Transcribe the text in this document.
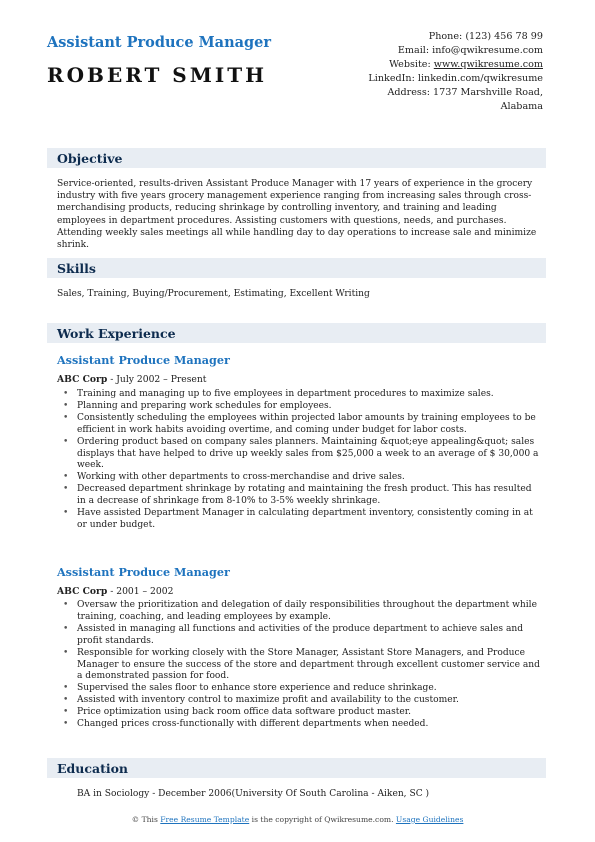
Assistant Produce Manager
ROBERT SMITH
Phone: (123) 456 78 99
Email: info@qwikresume.com
Website: www.qwikresume.com
LinkedIn: linkedin.com/qwikresume
Address: 1737 Marshville Road,
Alabama
Objective
Service-oriented, results-driven Assistant Produce Manager with 17 years of experience in the grocery industry with five years grocery management experience ranging from increasing sales through cross-merchandising products, reducing shrinkage by controlling inventory, and training and leading employees in department procedures. Assisting customers with questions, needs, and purchases. Attending weekly sales meetings all while handling day to day operations to increase sale and minimize shrink.
Skills
Sales, Training, Buying/Procurement, Estimating, Excellent Writing
Work Experience
Assistant Produce Manager
ABC Corp - July 2002 – Present
• Training and managing up to five employees in department procedures to maximize sales.
• Planning and preparing work schedules for employees.
• Consistently scheduling the employees within projected labor amounts by training employees to be efficient in work habits avoiding overtime, and coming under budget for labor costs.
• Ordering product based on company sales planners. Maintaining &quot;eye appealing&quot; sales displays that have helped to drive up weekly sales from $25,000 a week to an average of $ 30,000 a week.
• Working with other departments to cross-merchandise and drive sales.
• Decreased department shrinkage by rotating and maintaining the fresh product. This has resulted in a decrease of shrinkage from 8-10% to 3-5% weekly shrinkage.
• Have assisted Department Manager in calculating department inventory, consistently coming in at or under budget.
Assistant Produce Manager
ABC Corp - 2001 – 2002
• Oversaw the prioritization and delegation of daily responsibilities throughout the department while training, coaching, and leading employees by example.
• Assisted in managing all functions and activities of the produce department to achieve sales and profit standards.
• Responsible for working closely with the Store Manager, Assistant Store Managers, and Produce Manager to ensure the success of the store and department through excellent customer service and a demonstrated passion for food.
• Supervised the sales floor to enhance store experience and reduce shrinkage.
• Assisted with inventory control to maximize profit and availability to the customer.
• Price optimization using back room office data software product master.
• Changed prices cross-functionally with different departments when needed.
Education
BA in Sociology - December 2006(University Of South Carolina - Aiken, SC )
© This Free Resume Template is the copyright of Qwikresume.com. Usage Guidelines
